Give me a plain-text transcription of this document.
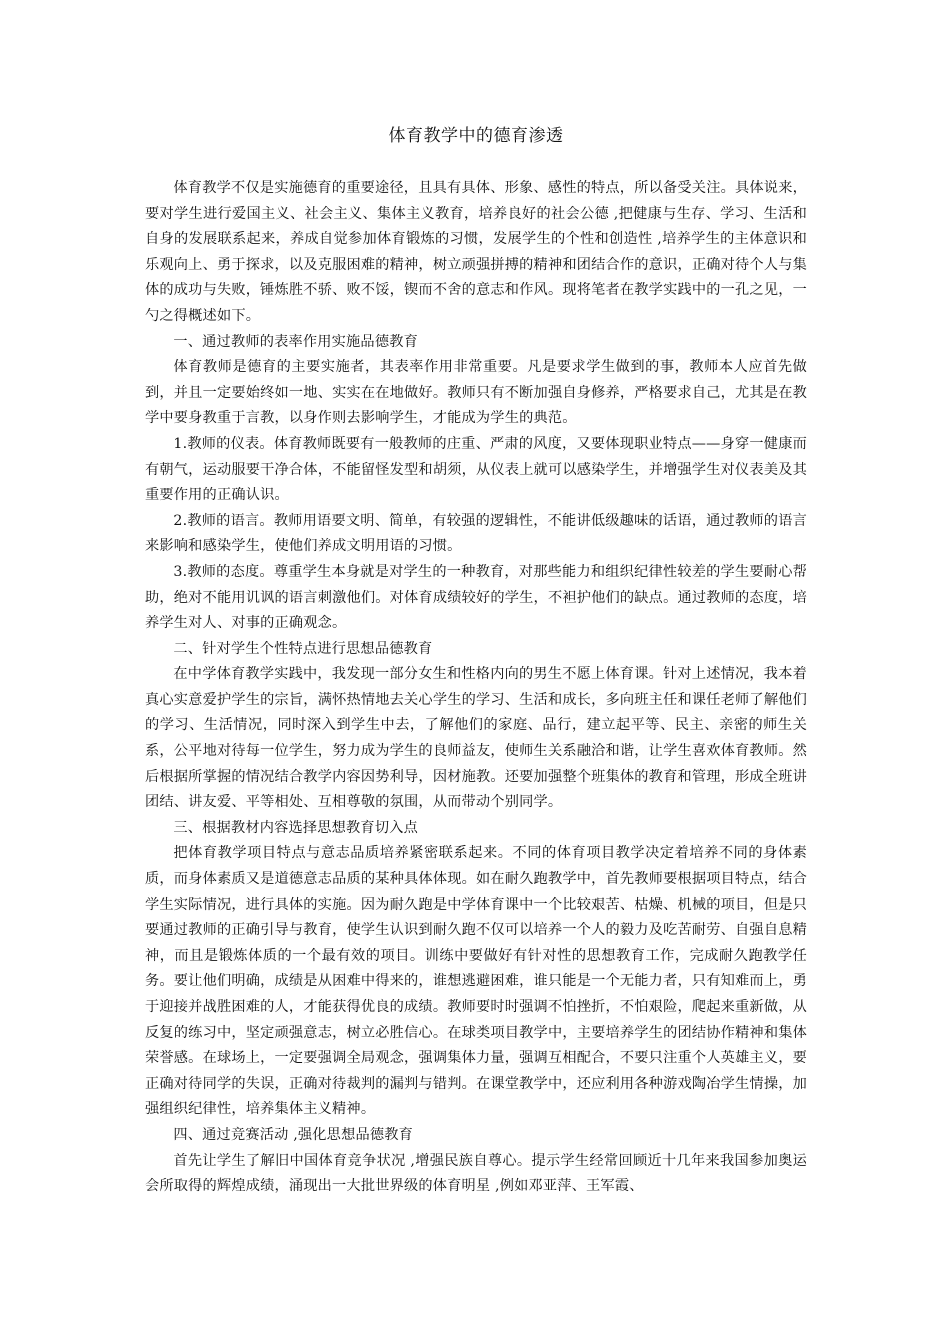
体育教学中的德育渗透

体育教学不仅是实施德育的重要途径，且具有具体、形象、感性的特点，所以备受关注。具体说来，要对学生进行爱国主义、社会主义、集体主义教育，培养良好的社会公德 ,把健康与生存、学习、生活和自身的发展联系起来，养成自觉参加体育锻炼的习惯，发展学生的个性和创造性 ,培养学生的主体意识和乐观向上、勇于探求，以及克服困难的精神，树立顽强拼搏的精神和团结合作的意识，正确对待个人与集体的成功与失败，锤炼胜不骄、败不馁，锲而不舍的意志和作风。现将笔者在教学实践中的一孔之见，一勺之得概述如下。

一、通过教师的表率作用实施品德教育

体育教师是德育的主要实施者，其表率作用非常重要。凡是要求学生做到的事，教师本人应首先做到，并且一定要始终如一地、实实在在地做好。教师只有不断加强自身修养，严格要求自己，尤其是在教学中要身教重于言教，以身作则去影响学生，才能成为学生的典范。

1.教师的仪表。体育教师既要有一般教师的庄重、严肃的风度，又要体现职业特点——身穿一健康而有朝气，运动服要干净合体，不能留怪发型和胡须，从仪表上就可以感染学生，并增强学生对仪表美及其重要作用的正确认识。

2.教师的语言。教师用语要文明、简单，有较强的逻辑性，不能讲低级趣味的话语，通过教师的语言来影响和感染学生，使他们养成文明用语的习惯。

3.教师的态度。尊重学生本身就是对学生的一种教育，对那些能力和组织纪律性较差的学生要耐心帮助，绝对不能用讥讽的语言刺激他们。对体育成绩较好的学生，不袒护他们的缺点。通过教师的态度，培养学生对人、对事的正确观念。

二、针对学生个性特点进行思想品德教育

在中学体育教学实践中，我发现一部分女生和性格内向的男生不愿上体育课。针对上述情况，我本着真心实意爱护学生的宗旨，满怀热情地去关心学生的学习、生活和成长，多向班主任和课任老师了解他们的学习、生活情况，同时深入到学生中去，了解他们的家庭、品行，建立起平等、民主、亲密的师生关系，公平地对待每一位学生，努力成为学生的良师益友，使师生关系融洽和谐，让学生喜欢体育教师。然后根据所掌握的情况结合教学内容因势利导，因材施教。还要加强整个班集体的教育和管理，形成全班讲团结、讲友爱、平等相处、互相尊敬的氛围，从而带动个别同学。

三、根据教材内容选择思想教育切入点

把体育教学项目特点与意志品质培养紧密联系起来。不同的体育项目教学决定着培养不同的身体素质，而身体素质又是道德意志品质的某种具体体现。如在耐久跑教学中，首先教师要根据项目特点，结合学生实际情况，进行具体的实施。因为耐久跑是中学体育课中一个比较艰苦、枯燥、机械的项目，但是只要通过教师的正确引导与教育，使学生认识到耐久跑不仅可以培养一个人的毅力及吃苦耐劳、自强自息精神，而且是锻炼体质的一个最有效的项目。训练中要做好有针对性的思想教育工作，完成耐久跑教学任务。要让他们明确，成绩是从困难中得来的，谁想逃避困难，谁只能是一个无能力者，只有知难而上，勇于迎接并战胜困难的人，才能获得优良的成绩。教师要时时强调不怕挫折，不怕艰险，爬起来重新做，从反复的练习中，坚定顽强意志，树立必胜信心。在球类项目教学中，主要培养学生的团结协作精神和集体荣誉感。在球场上，一定要强调全局观念，强调集体力量，强调互相配合，不要只注重个人英雄主义，要正确对待同学的失误，正确对待裁判的漏判与错判。在课堂教学中，还应利用各种游戏陶冶学生情操，加强组织纪律性，培养集体主义精神。

四、通过竞赛活动 ,强化思想品德教育

首先让学生了解旧中国体育竞争状况 ,增强民族自尊心。提示学生经常回顾近十几年来我国参加奥运会所取得的辉煌成绩，涌现出一大批世界级的体育明星 ,例如邓亚萍、王军霞、
